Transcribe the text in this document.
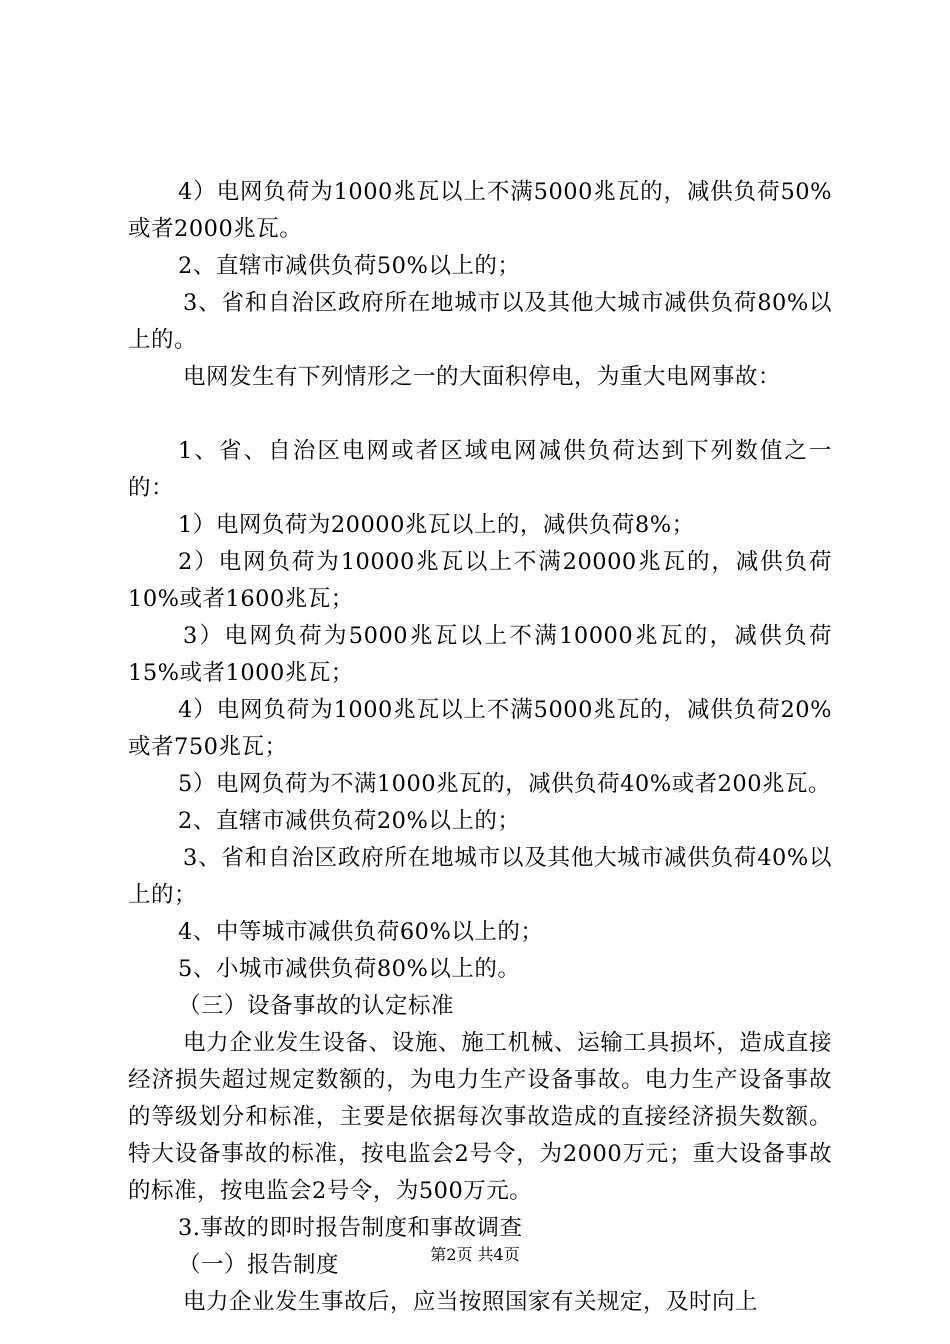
4）电网负荷为1000兆瓦以上不满5000兆瓦的，减供负荷50%或者2000兆瓦。

2、直辖市减供负荷50%以上的；

3、省和自治区政府所在地城市以及其他大城市减供负荷80%以上的。

电网发生有下列情形之一的大面积停电，为重大电网事故：

1、省、自治区电网或者区域电网减供负荷达到下列数值之一的：

1）电网负荷为20000兆瓦以上的，减供负荷8%；

2）电网负荷为10000兆瓦以上不满20000兆瓦的，减供负荷10%或者1600兆瓦；

3）电网负荷为5000兆瓦以上不满10000兆瓦的，减供负荷15%或者1000兆瓦；

4）电网负荷为1000兆瓦以上不满5000兆瓦的，减供负荷20%或者750兆瓦；

5）电网负荷为不满1000兆瓦的，减供负荷40%或者200兆瓦。

2、直辖市减供负荷20%以上的；

3、省和自治区政府所在地城市以及其他大城市减供负荷40%以上的；

4、中等城市减供负荷60%以上的；

5、小城市减供负荷80%以上的。

（三）设备事故的认定标准

电力企业发生设备、设施、施工机械、运输工具损坏，造成直接经济损失超过规定数额的，为电力生产设备事故。电力生产设备事故的等级划分和标准，主要是依据每次事故造成的直接经济损失数额。特大设备事故的标准，按电监会2号令，为2000万元；重大设备事故的标准，按电监会2号令，为500万元。

3.事故的即时报告制度和事故调查

（一）报告制度

电力企业发生事故后，应当按照国家有关规定，及时向上

第2页 共4页
